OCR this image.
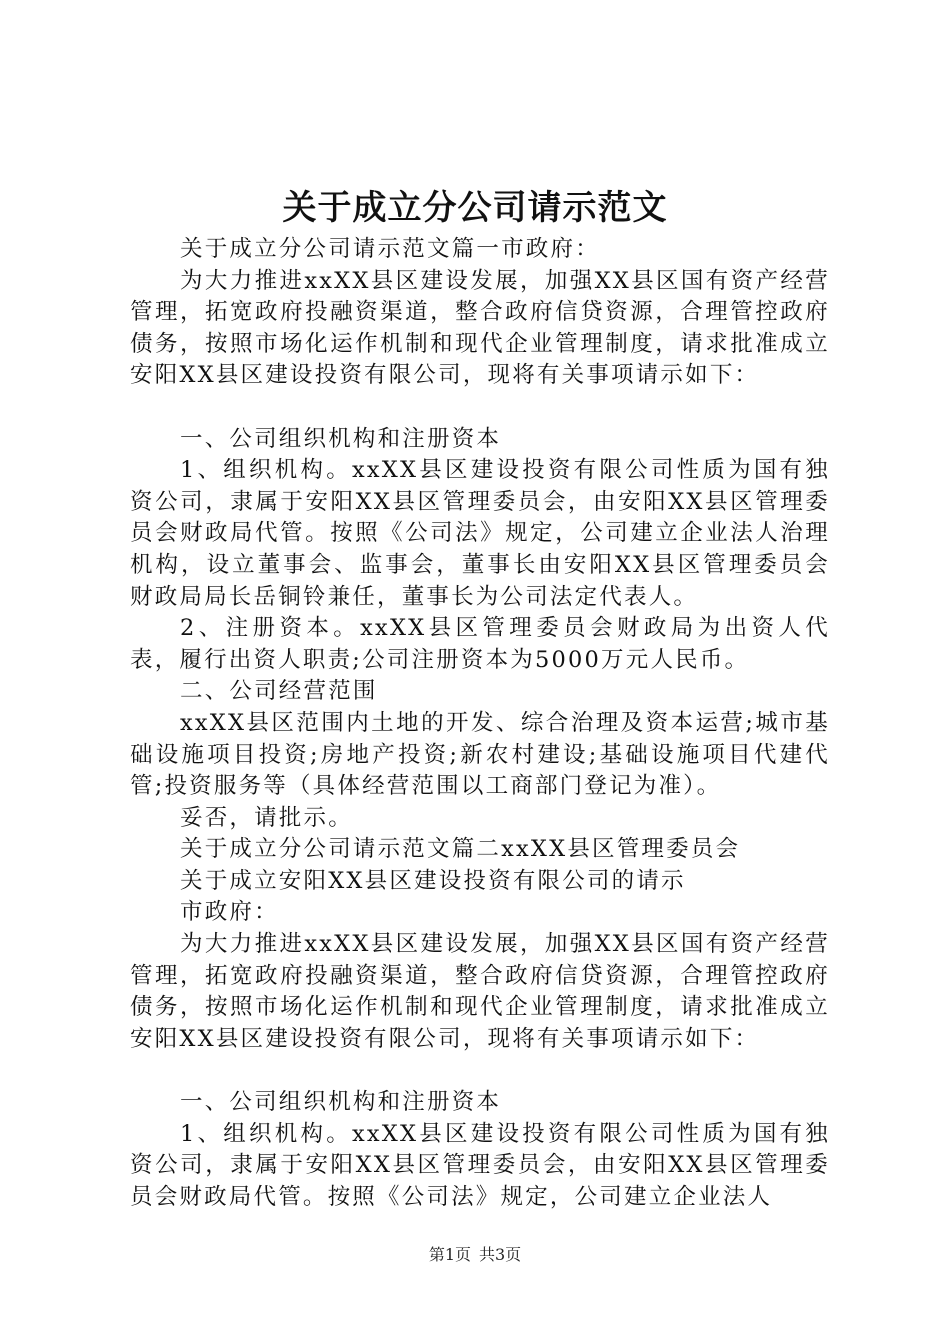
关于成立分公司请示范文

关于成立分公司请示范文篇一市政府：

为大力推进xxXX县区建设发展，加强XX县区国有资产经营管理，拓宽政府投融资渠道，整合政府信贷资源，合理管控政府债务，按照市场化运作机制和现代企业管理制度，请求批准成立安阳XX县区建设投资有限公司，现将有关事项请示如下：

一、公司组织机构和注册资本

1、组织机构。xxXX县区建设投资有限公司性质为国有独资公司，隶属于安阳XX县区管理委员会，由安阳XX县区管理委员会财政局代管。按照《公司法》规定，公司建立企业法人治理机构，设立董事会、监事会，董事长由安阳XX县区管理委员会财政局局长岳铜铃兼任，董事长为公司法定代表人。

2、注册资本。xxXX县区管理委员会财政局为出资人代表，履行出资人职责;公司注册资本为5000万元人民币。

二、公司经营范围

xxXX县区范围内土地的开发、综合治理及资本运营;城市基础设施项目投资;房地产投资;新农村建设;基础设施项目代建代管;投资服务等（具体经营范围以工商部门登记为准）。

妥否，请批示。

关于成立分公司请示范文篇二xxXX县区管理委员会

关于成立安阳XX县区建设投资有限公司的请示

市政府：

为大力推进xxXX县区建设发展，加强XX县区国有资产经营管理，拓宽政府投融资渠道，整合政府信贷资源，合理管控政府债务，按照市场化运作机制和现代企业管理制度，请求批准成立安阳XX县区建设投资有限公司，现将有关事项请示如下：

一、公司组织机构和注册资本

1、组织机构。xxXX县区建设投资有限公司性质为国有独资公司，隶属于安阳XX县区管理委员会，由安阳XX县区管理委员会财政局代管。按照《公司法》规定，公司建立企业法人

第1页 共3页
